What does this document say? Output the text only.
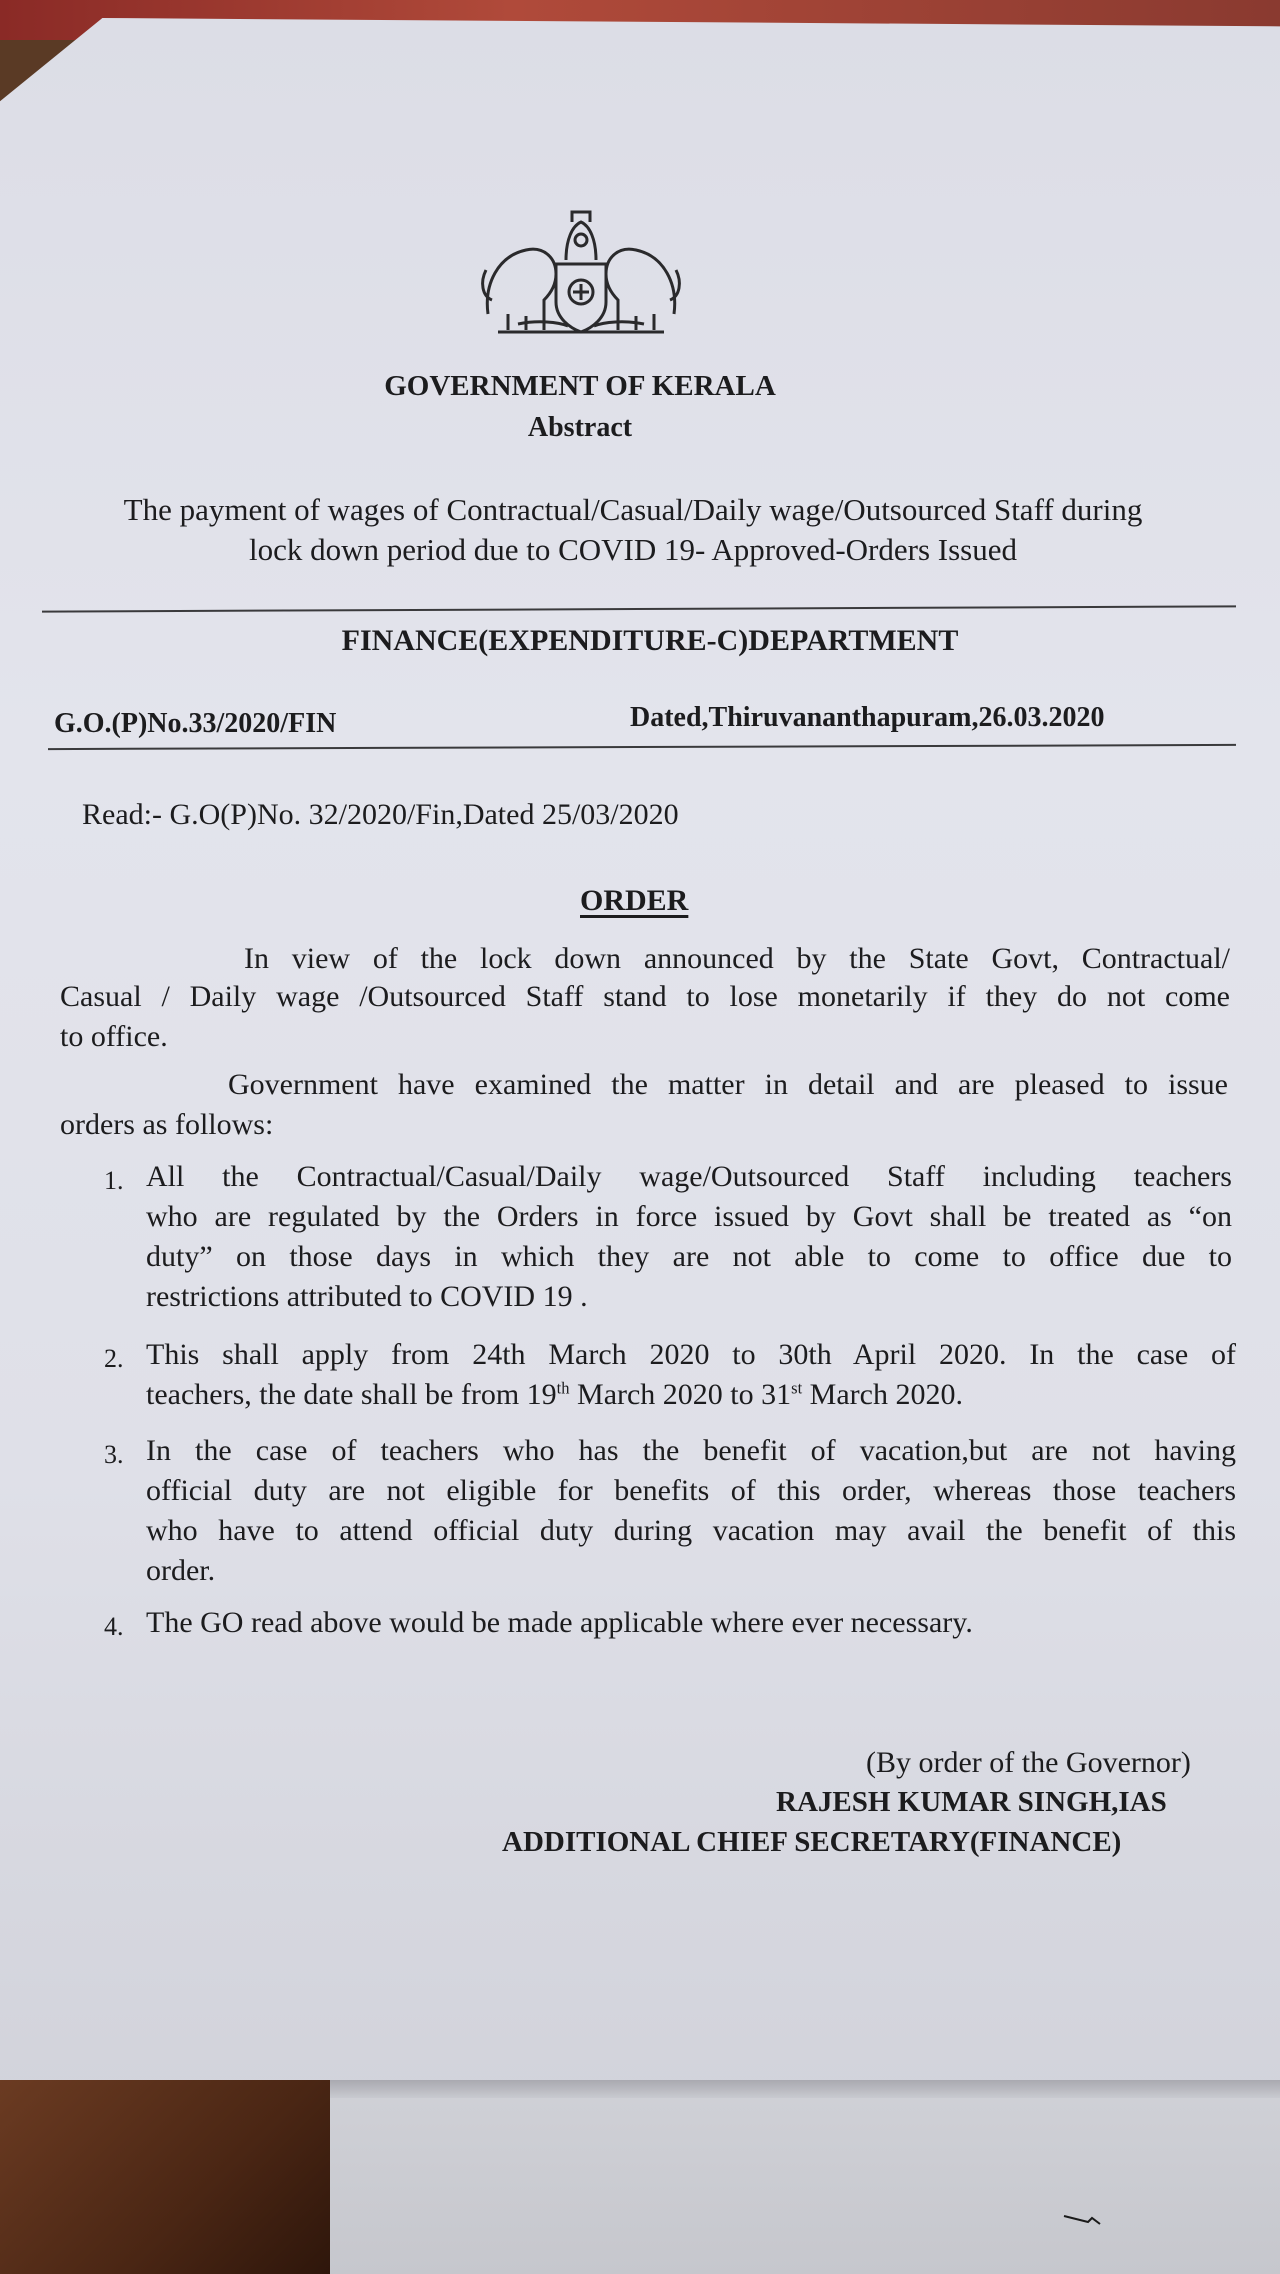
GOVERNMENT OF KERALA
Abstract
The payment of wages of Contractual/Casual/Daily wage/Outsourced Staff during
lock down period due to COVID 19- Approved-Orders Issued
FINANCE(EXPENDITURE-C)DEPARTMENT
G.O.(P)No.33/2020/FIN	Dated,Thiruvananthapuram,26.03.2020
Read:- G.O(P)No. 32/2020/Fin,Dated 25/03/2020
ORDER
In view of the lock down announced by the State Govt, Contractual/
Casual / Daily wage /Outsourced Staff stand to lose monetarily if they do not come
to office.
Government have examined the matter in detail and are pleased to issue
orders as follows:
1. All the Contractual/Casual/Daily wage/Outsourced Staff including teachers
who are regulated by the Orders in force issued by Govt shall be treated as “on
duty” on those days in which they are not able to come to office due to
restrictions attributed to COVID 19 .
2. This shall apply from 24th March 2020 to 30th April 2020. In the case of
teachers, the date shall be from 19th March 2020 to 31st March 2020.
3. In the case of teachers who has the benefit of vacation,but are not having
official duty are not eligible for benefits of this order, whereas those teachers
who have to attend official duty during vacation may avail the benefit of this
order.
4. The GO read above would be made applicable where ever necessary.
(By order of the Governor)
RAJESH KUMAR SINGH,IAS
ADDITIONAL CHIEF SECRETARY(FINANCE)
